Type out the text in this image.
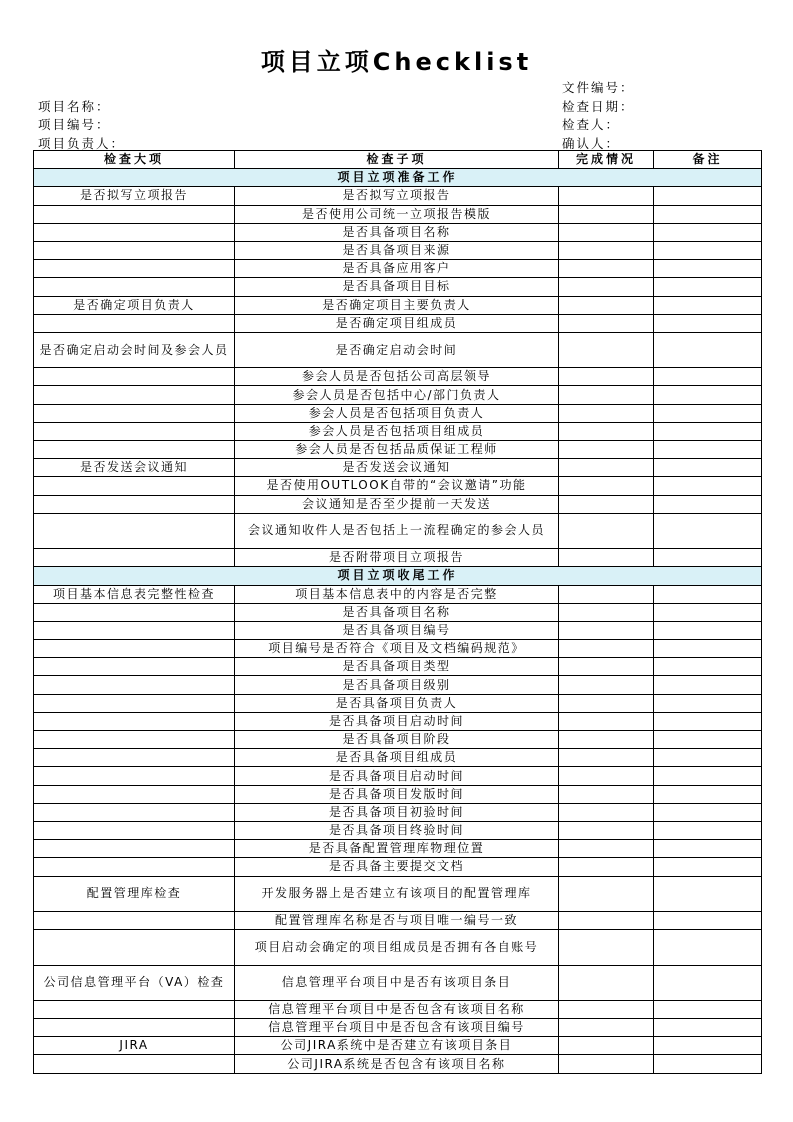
项目立项Checklist
文件编号：
项目名称：	检查日期：
项目编号：	检查人：
项目负责人：	确认人：
检查大项	检查子项	完成情况	备注
项目立项准备工作			
是否拟写立项报告	是否拟写立项报告		
	是否使用公司统一立项报告模版		
	是否具备项目名称		
	是否具备项目来源		
	是否具备应用客户		
	是否具备项目目标		
是否确定项目负责人	是否确定项目主要负责人		
	是否确定项目组成员		
是否确定启动会时间及参会人员	是否确定启动会时间		
	参会人员是否包括公司高层领导		
	参会人员是否包括中心/部门负责人		
	参会人员是否包括项目负责人		
	参会人员是否包括项目组成员		
	参会人员是否包括品质保证工程师		
是否发送会议通知	是否发送会议通知		
	是否使用OUTLOOK自带的“会议邀请”功能		
	会议通知是否至少提前一天发送		
	会议通知收件人是否包括上一流程确定的参会人员		
	是否附带项目立项报告		
项目立项收尾工作			
项目基本信息表完整性检查	项目基本信息表中的内容是否完整		
	是否具备项目名称		
	是否具备项目编号		
	项目编号是否符合《项目及文档编码规范》		
	是否具备项目类型		
	是否具备项目级别		
	是否具备项目负责人		
	是否具备项目启动时间		
	是否具备项目阶段		
	是否具备项目组成员		
	是否具备项目启动时间		
	是否具备项目发版时间		
	是否具备项目初验时间		
	是否具备项目终验时间		
	是否具备配置管理库物理位置		
	是否具备主要提交文档		
配置管理库检查	开发服务器上是否建立有该项目的配置管理库		
	配置管理库名称是否与项目唯一编号一致		
	项目启动会确定的项目组成员是否拥有各自账号		
公司信息管理平台（VA）检查	信息管理平台项目中是否有该项目条目		
	信息管理平台项目中是否包含有该项目名称		
	信息管理平台项目中是否包含有该项目编号		
JIRA	公司JIRA系统中是否建立有该项目条目		
	公司JIRA系统是否包含有该项目名称		
